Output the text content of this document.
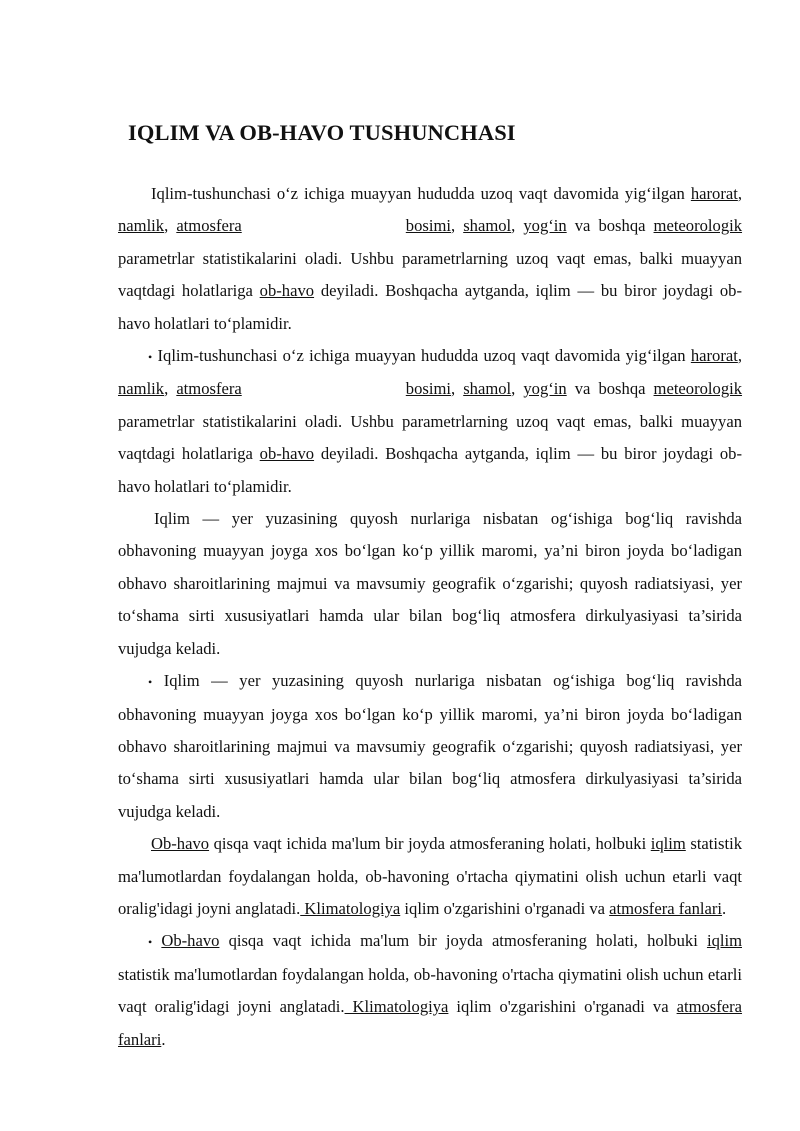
IQLIM VA OB-HAVO TUSHUNCHASI

Iqlim-tushunchasi o‘z ichiga muayyan hududda uzoq vaqt davomida yig‘ilgan harorat, namlik, atmosfera	bosimi, shamol, yog‘in va boshqa meteorologik parametrlar statistikalarini oladi. Ushbu parametrlarning uzoq vaqt emas, balki muayyan vaqtdagi holatlariga ob-havo deyiladi. Boshqacha aytganda, iqlim — bu biror joydagi ob-havo holatlari to‘plamidir.

• Iqlim-tushunchasi o‘z ichiga muayyan hududda uzoq vaqt davomida yig‘ilgan harorat, namlik, atmosfera	bosimi, shamol, yog‘in va boshqa meteorologik parametrlar statistikalarini oladi. Ushbu parametrlarning uzoq vaqt emas, balki muayyan vaqtdagi holatlariga ob-havo deyiladi. Boshqacha aytganda, iqlim — bu biror joydagi ob-havo holatlari to‘plamidir.

Iqlim — yer yuzasining quyosh nurlariga nisbatan og‘ishiga bog‘liq ravishda obhavoning muayyan joyga xos bo‘lgan ko‘p yillik maromi, ya’ni biron joyda bo‘ladigan obhavo sharoitlarining majmui va mavsumiy geografik o‘zgarishi; quyosh radiatsiyasi, yer to‘shama sirti xususiyatlari hamda ular bilan bog‘liq atmosfera dirkulyasiyasi ta’sirida vujudga keladi.

• Iqlim — yer yuzasining quyosh nurlariga nisbatan og‘ishiga bog‘liq ravishda obhavoning muayyan joyga xos bo‘lgan ko‘p yillik maromi, ya’ni biron joyda bo‘ladigan obhavo sharoitlarining majmui va mavsumiy geografik o‘zgarishi; quyosh radiatsiyasi, yer to‘shama sirti xususiyatlari hamda ular bilan bog‘liq atmosfera dirkulyasiyasi ta’sirida vujudga keladi.

Ob-havo qisqa vaqt ichida ma'lum bir joyda atmosferaning holati, holbuki iqlim statistik ma'lumotlardan foydalangan holda, ob-havoning o'rtacha qiymatini olish uchun etarli vaqt oralig'idagi joyni anglatadi. Klimatologiya iqlim o'zgarishini o'rganadi va atmosfera fanlari.

• Ob-havo qisqa vaqt ichida ma'lum bir joyda atmosferaning holati, holbuki iqlim statistik ma'lumotlardan foydalangan holda, ob-havoning o'rtacha qiymatini olish uchun etarli vaqt oralig'idagi joyni anglatadi. Klimatologiya iqlim o'zgarishini o'rganadi va atmosfera fanlari.
